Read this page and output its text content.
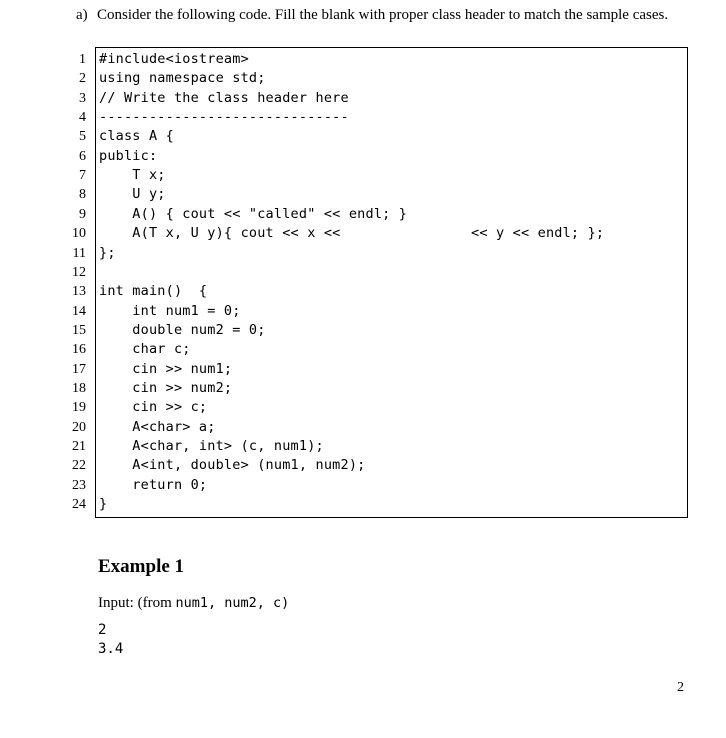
a) Consider the following code. Fill the blank with proper class header to match the sample cases.
1
2
3
4
5
6
7
8
9
10
11
12
13
14
15
16
17
18
19
20
21
22
23
24
#include<iostream>
using namespace std;
// Write the class header here
------------------------------
class A {
public:
T x;
U y;
A() { cout << "called" << endl; }
A(T x, U y){ cout << x <<	<< y << endl; };
};
int main()  {
int num1 = 0;
double num2 = 0;
char c;
cin >> num1;
cin >> num2;
cin >> c;
A<char> a;
A<char, int> (c, num1);
A<int, double> (num1, num2);
return 0;
}
Example 1
Input: (from num1, num2, c)
2
3.4
2
